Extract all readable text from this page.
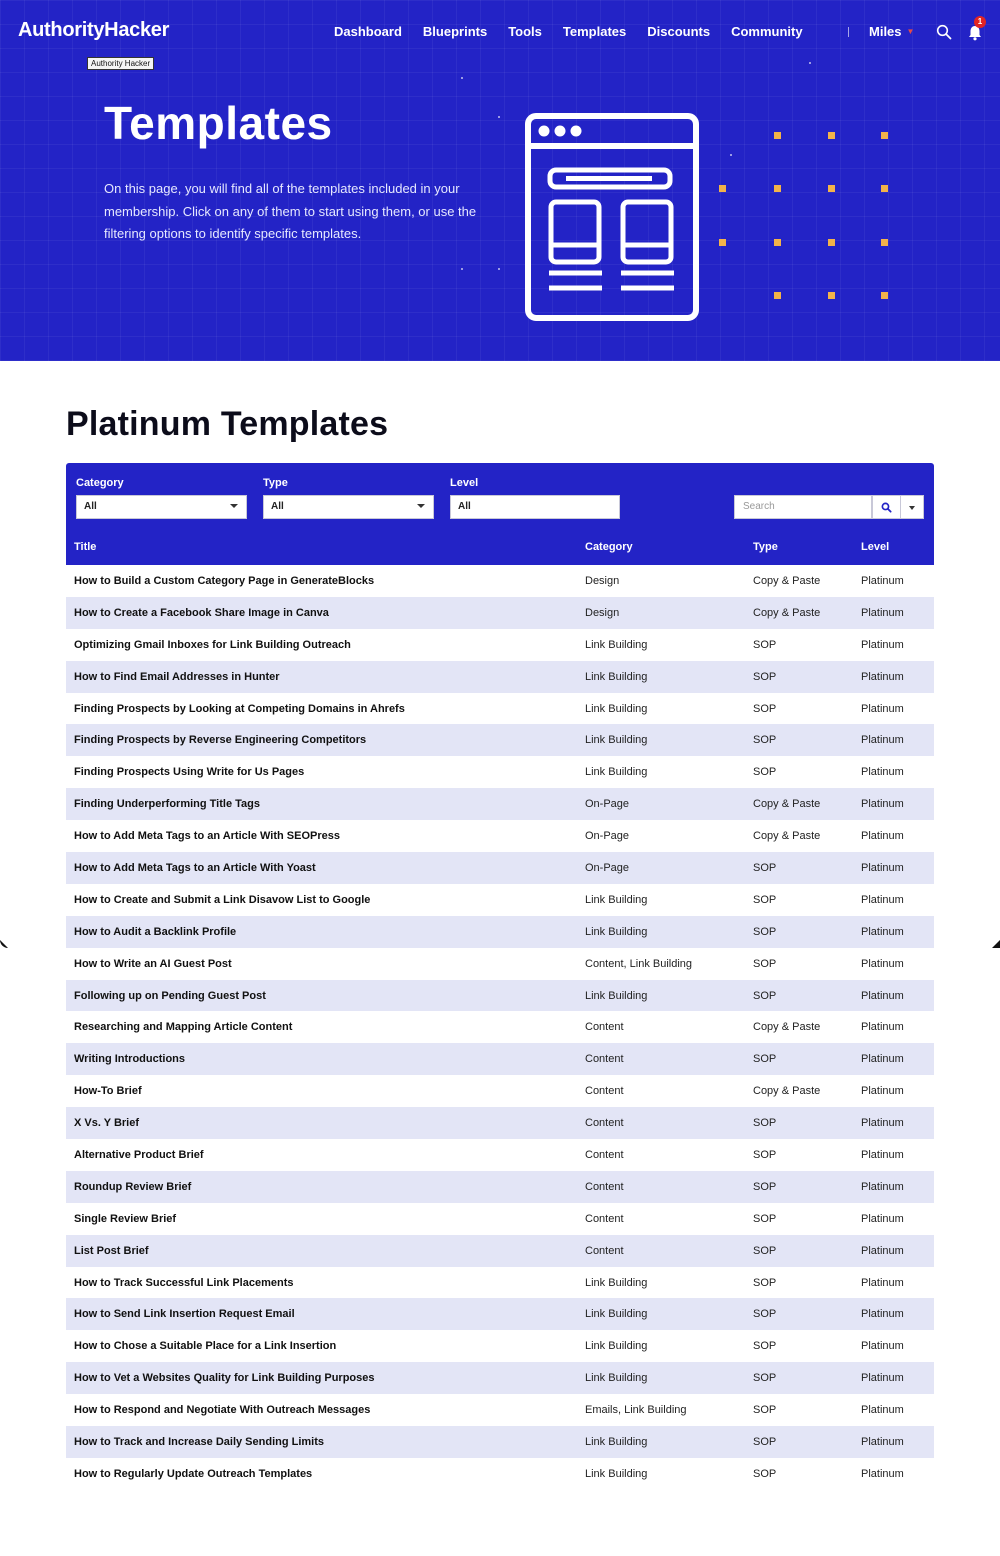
AuthorityHacker
Authority Hacker
Dashboard Blueprints Tools Templates Discounts Community	Miles ▼
1
Templates

On this page, you will find all of the templates included in your membership. Click on any of them to start using them, or use the filtering options to identify specific templates.

Platinum Templates
Category
All
Type
All
Level
All	Search
Title	Category	Type	Level
How to Build a Custom Category Page in GenerateBlocks	Design	Copy & Paste	Platinum
How to Create a Facebook Share Image in Canva	Design	Copy & Paste	Platinum
Optimizing Gmail Inboxes for Link Building Outreach	Link Building	SOP	Platinum
How to Find Email Addresses in Hunter	Link Building	SOP	Platinum
Finding Prospects by Looking at Competing Domains in Ahrefs	Link Building	SOP	Platinum
Finding Prospects by Reverse Engineering Competitors	Link Building	SOP	Platinum
Finding Prospects Using Write for Us Pages	Link Building	SOP	Platinum
Finding Underperforming Title Tags	On-Page	Copy & Paste	Platinum
How to Add Meta Tags to an Article With SEOPress	On-Page	Copy & Paste	Platinum
How to Add Meta Tags to an Article With Yoast	On-Page	SOP	Platinum
How to Create and Submit a Link Disavow List to Google	Link Building	SOP	Platinum
How to Audit a Backlink Profile	Link Building	SOP	Platinum
How to Write an AI Guest Post	Content, Link Building	SOP	Platinum
Following up on Pending Guest Post	Link Building	SOP	Platinum
Researching and Mapping Article Content	Content	Copy & Paste	Platinum
Writing Introductions	Content	SOP	Platinum
How-To Brief	Content	Copy & Paste	Platinum
X Vs. Y Brief	Content	SOP	Platinum
Alternative Product Brief	Content	SOP	Platinum
Roundup Review Brief	Content	SOP	Platinum
Single Review Brief	Content	SOP	Platinum
List Post Brief	Content	SOP	Platinum
How to Track Successful Link Placements	Link Building	SOP	Platinum
How to Send Link Insertion Request Email	Link Building	SOP	Platinum
How to Chose a Suitable Place for a Link Insertion	Link Building	SOP	Platinum
How to Vet a Websites Quality for Link Building Purposes	Link Building	SOP	Platinum
How to Respond and Negotiate With Outreach Messages	Emails, Link Building	SOP	Platinum
How to Track and Increase Daily Sending Limits	Link Building	SOP	Platinum
How to Regularly Update Outreach Templates	Link Building	SOP	Platinum
